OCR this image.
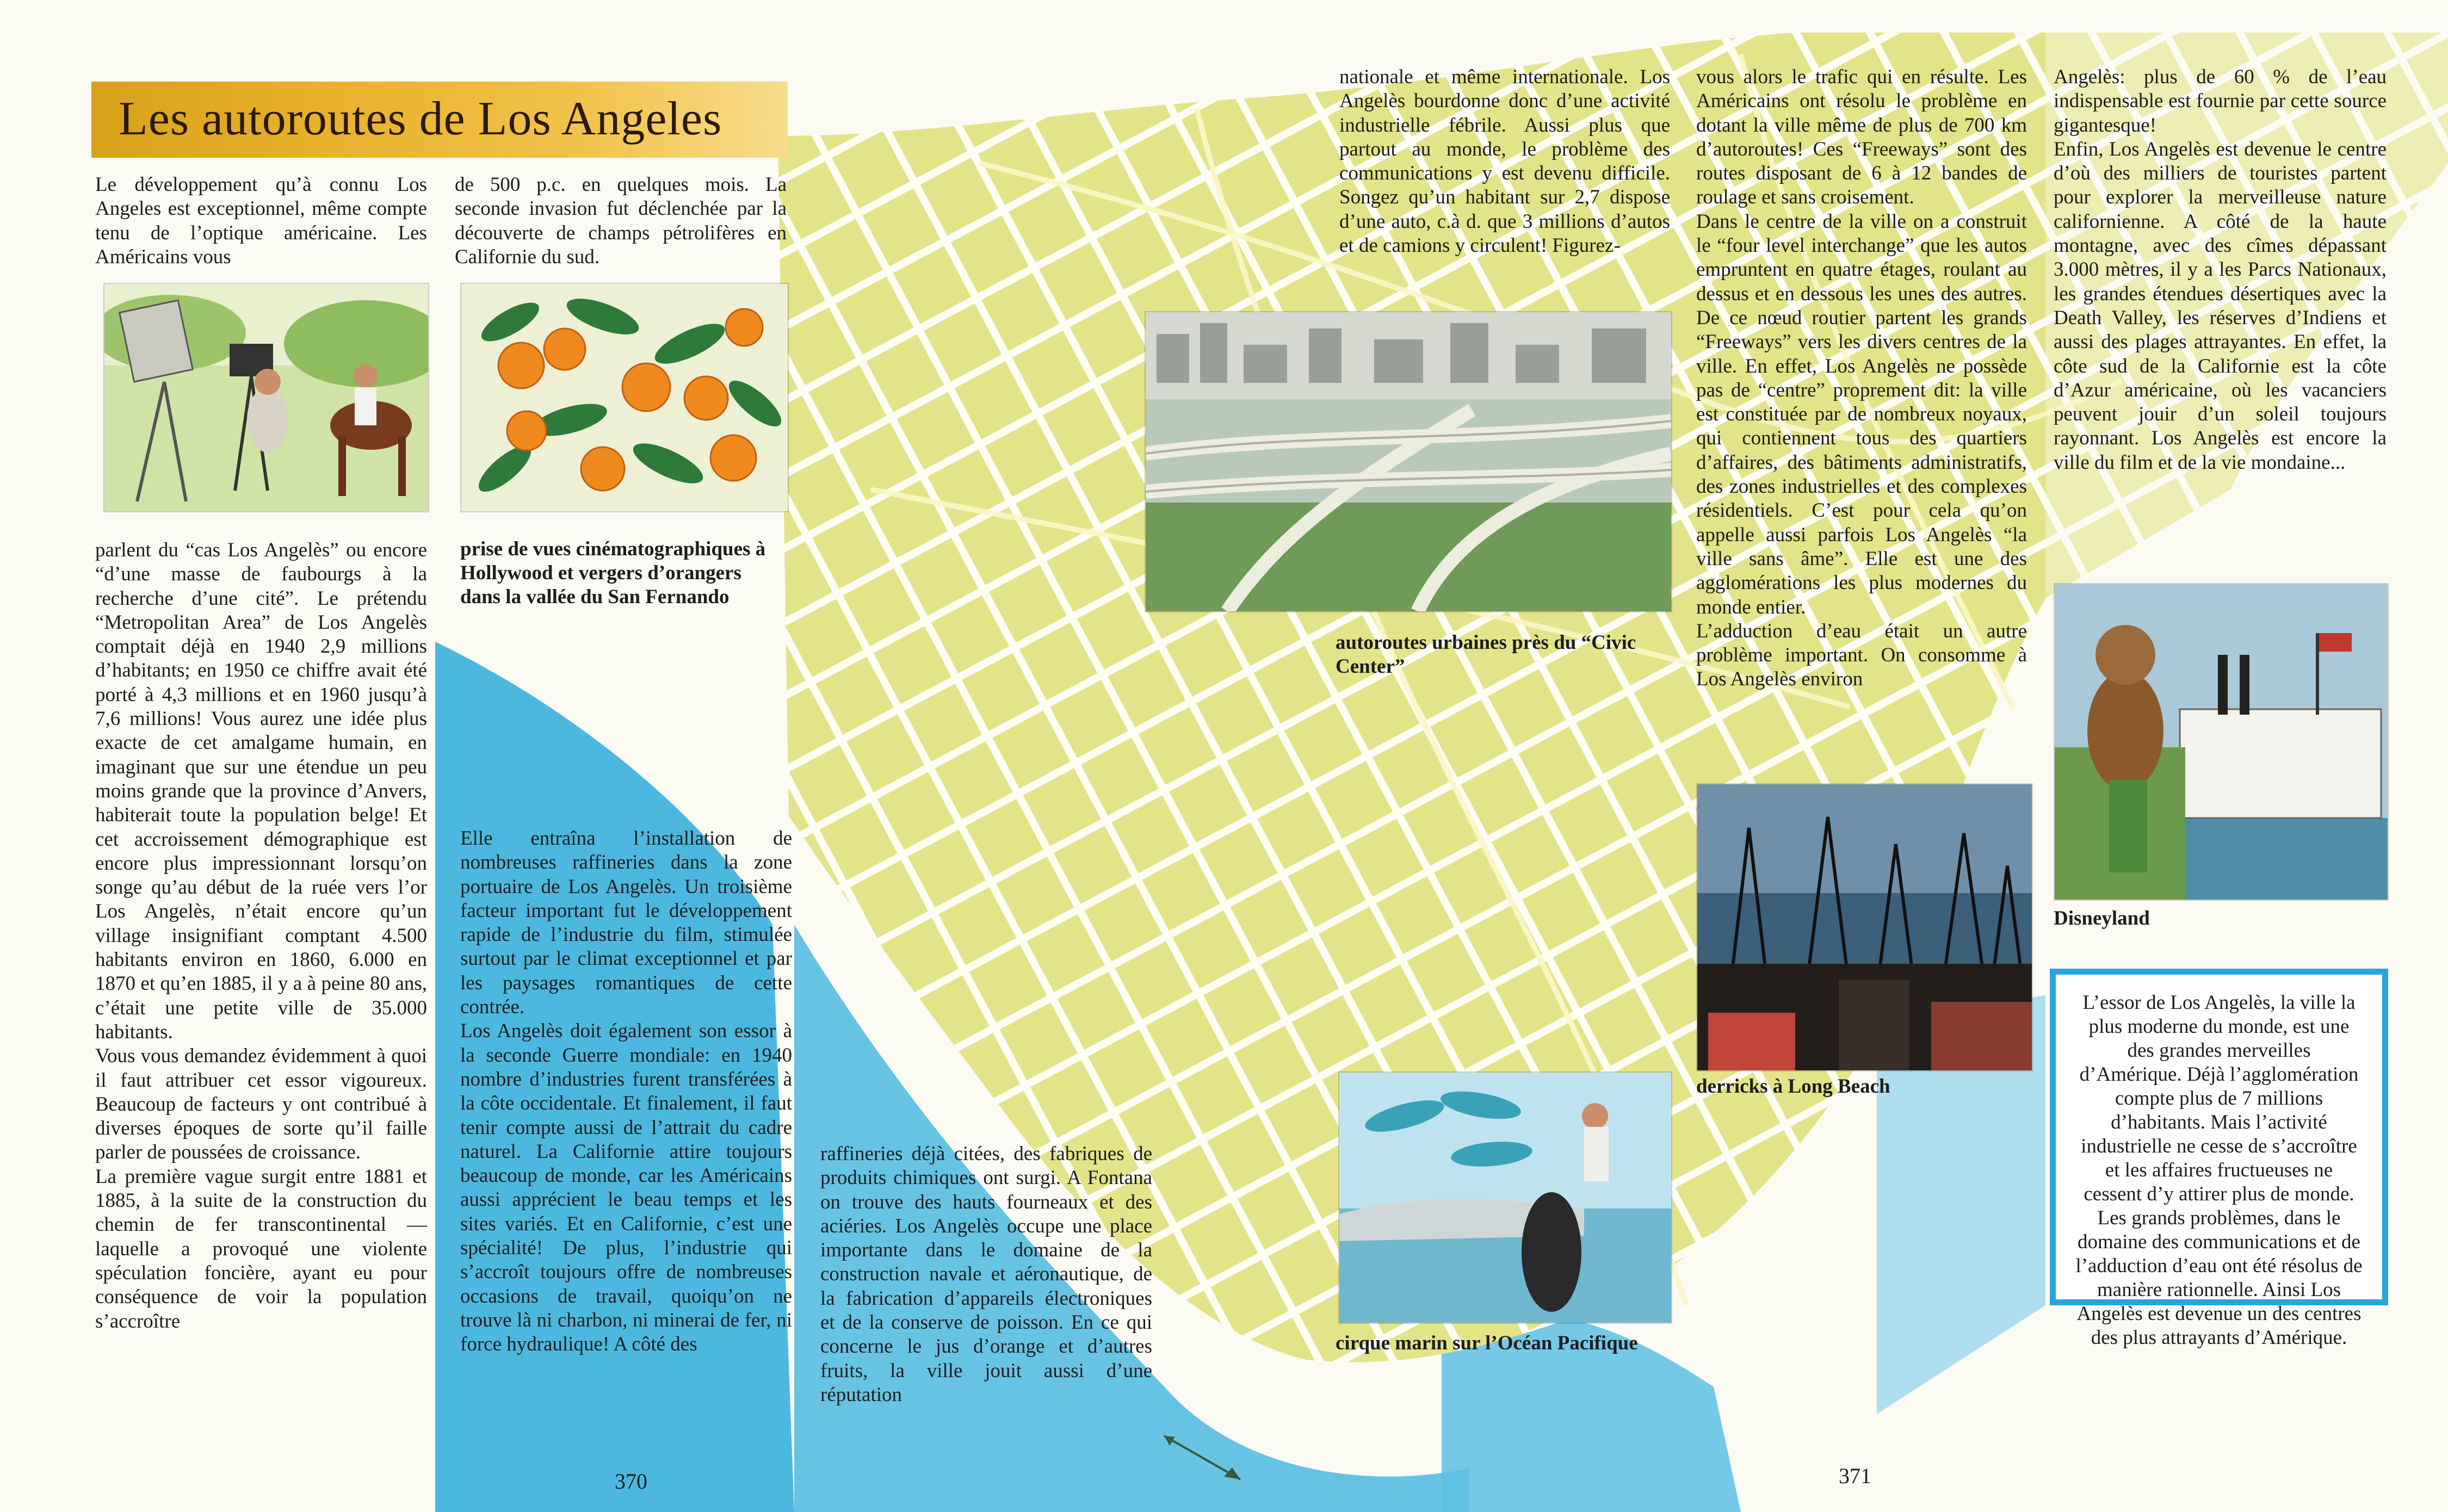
Les autoroutes de Los Angeles

Le développement qu’à connu Los Angeles est exceptionnel, même compte tenu de l’optique américaine. Les Américains vous

de 500 p.c. en quelques mois. La seconde invasion fut déclenchée par la découverte de champs pétrolifères en Californie du sud.

prise de vues cinématographiques à Hollywood et vergers d’orangers dans la vallée du San Fernando

parlent du “cas Los Angelès” ou encore “d’une masse de faubourgs à la recherche d’une cité”. Le prétendu “Metropolitan Area” de Los Angelès comptait déjà en 1940 2,9 millions d’habitants; en 1950 ce chiffre avait été porté à 4,3 millions et en 1960 jusqu’à 7,6 millions! Vous aurez une idée plus exacte de cet amalgame humain, en imaginant que sur une étendue un peu moins grande que la province d’Anvers, habiterait toute la population belge! Et cet accroissement démographique est encore plus impressionnant lorsqu’on songe qu’au début de la ruée vers l’or Los Angelès, n’était encore qu’un village insignifiant comptant 4.500 habitants environ en 1860, 6.000 en 1870 et qu’en 1885, il y a à peine 80 ans, c’était une petite ville de 35.000 habitants.

Vous vous demandez évidemment à quoi il faut attribuer cet essor vigoureux. Beaucoup de facteurs y ont contribué à diverses époques de sorte qu’il faille parler de poussées de croissance.

La première vague surgit entre 1881 et 1885, à la suite de la construction du chemin de fer transcontinental — laquelle a provoqué une violente spéculation foncière, ayant eu pour conséquence de voir la population s’accroître

Elle entraîna l’installation de nombreuses raffineries dans la zone portuaire de Los Angelès. Un troisième facteur important fut le développement rapide de l’industrie du film, stimulée surtout par le climat exceptionnel et par les paysages romantiques de cette contrée.

Los Angelès doit également son essor à la seconde Guerre mondiale: en 1940 nombre d’industries furent transférées à la côte occidentale. Et finalement, il faut tenir compte aussi de l’attrait du cadre naturel. La Californie attire toujours beaucoup de monde, car les Américains aussi apprécient le beau temps et les sites variés. Et en Californie, c’est une spécialité! De plus, l’industrie qui s’accroît toujours offre de nombreuses occasions de travail, quoiqu’on ne trouve là ni charbon, ni minerai de fer, ni force hydraulique! A côté des

raffineries déjà citées, des fabriques de produits chimiques ont surgi. A Fontana on trouve des hauts fourneaux et des aciéries. Los Angelès occupe une place importante dans le domaine de la construction navale et aéronautique, de la fabrication d’appareils électroniques et de la conserve de poisson. En ce qui concerne le jus d’orange et d’autres fruits, la ville jouit aussi d’une réputation

nationale et même internationale. Los Angelès bourdonne donc d’une activité industrielle fébrile. Aussi plus que partout au monde, le problème des communications y est devenu difficile. Songez qu’un habitant sur 2,7 dispose d’une auto, c.à d. que 3 millions d’autos et de camions y circulent! Figurez-

vous alors le trafic qui en résulte. Les Américains ont résolu le problème en dotant la ville même de plus de 700 km d’autoroutes! Ces “Freeways” sont des routes disposant de 6 à 12 bandes de roulage et sans croisement.

Dans le centre de la ville on a construit le “four level interchange” que les autos empruntent en quatre étages, roulant au dessus et en dessous les unes des autres. De ce nœud routier partent les grands “Freeways” vers les divers centres de la ville. En effet, Los Angelès ne possède pas de “centre” proprement dit: la ville est constituée par de nombreux noyaux, qui contiennent tous des quartiers d’affaires, des bâtiments administratifs, des zones industrielles et des complexes résidentiels. C’est pour cela qu’on appelle aussi parfois Los Angelès “la ville sans âme”. Elle est une des agglomérations les plus modernes du monde entier.

L’adduction d’eau était un autre problème important. On consomme à Los Angelès environ

Angelès: plus de 60 % de l’eau indispensable est fournie par cette source gigantesque!

Enfin, Los Angelès est devenue le centre d’où des milliers de touristes partent pour explorer la merveilleuse nature californienne. A côté de la haute montagne, avec des cîmes dépassant 3.000 mètres, il y a les Parcs Nationaux, les grandes étendues désertiques avec la Death Valley, les réserves d’Indiens et aussi des plages attrayantes. En effet, la côte sud de la Californie est la côte d’Azur américaine, où les vacanciers peuvent jouir d’un soleil toujours rayonnant. Los Angelès est encore la ville du film et de la vie mondaine...

autoroutes urbaines près du “Civic Center”
derricks à Long Beach
Disneyland
cirque marin sur l’Océan Pacifique

L’essor de Los Angelès, la ville la plus moderne du monde, est une des grandes merveilles d’Amérique. Déjà l’agglomération compte plus de 7 millions d’habitants. Mais l’activité industrielle ne cesse de s’accroître et les affaires fructueuses ne cessent d’y attirer plus de monde.

Les grands problèmes, dans le domaine des communications et de l’adduction d’eau ont été résolus de manière rationnelle. Ainsi Los Angelès est devenue un des centres des plus attrayants d’Amérique.

370	371
